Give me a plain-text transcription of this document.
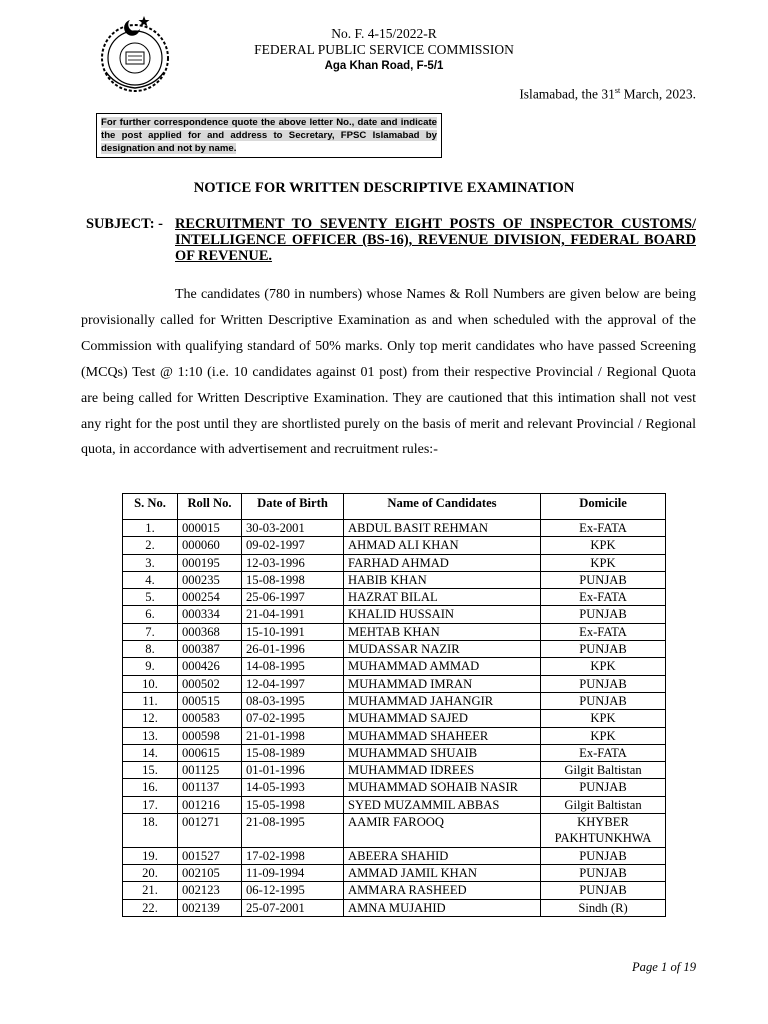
No. F. 4-15/2022-R
FEDERAL PUBLIC SERVICE COMMISSION
Aga Khan Road, F-5/1
Islamabad, the 31st March, 2023.
For further correspondence quote the above letter No., date and indicate the post applied for and address to Secretary, FPSC Islamabad by designation and not by name.
NOTICE FOR WRITTEN DESCRIPTIVE EXAMINATION
SUBJECT: - RECRUITMENT TO SEVENTY EIGHT POSTS OF INSPECTOR CUSTOMS/ INTELLIGENCE OFFICER (BS-16), REVENUE DIVISION, FEDERAL BOARD OF REVENUE.
The candidates (780 in numbers) whose Names & Roll Numbers are given below are being provisionally called for Written Descriptive Examination as and when scheduled with the approval of the Commission with qualifying standard of 50% marks. Only top merit candidates who have passed Screening (MCQs) Test @ 1:10 (i.e. 10 candidates against 01 post) from their respective Provincial / Regional Quota are being called for Written Descriptive Examination. They are cautioned that this intimation shall not vest any right for the post until they are shortlisted purely on the basis of merit and relevant Provincial / Regional quota, in accordance with advertisement and recruitment rules:-
S. No.	Roll No.	Date of Birth	Name of Candidates	Domicile
1.	000015	30-03-2001	ABDUL BASIT REHMAN	Ex-FATA
2.	000060	09-02-1997	AHMAD ALI KHAN	KPK
3.	000195	12-03-1996	FARHAD AHMAD	KPK
4.	000235	15-08-1998	HABIB KHAN	PUNJAB
5.	000254	25-06-1997	HAZRAT BILAL	Ex-FATA
6.	000334	21-04-1991	KHALID HUSSAIN	PUNJAB
7.	000368	15-10-1991	MEHTAB KHAN	Ex-FATA
8.	000387	26-01-1996	MUDASSAR NAZIR	PUNJAB
9.	000426	14-08-1995	MUHAMMAD AMMAD	KPK
10.	000502	12-04-1997	MUHAMMAD IMRAN	PUNJAB
11.	000515	08-03-1995	MUHAMMAD JAHANGIR	PUNJAB
12.	000583	07-02-1995	MUHAMMAD SAJED	KPK
13.	000598	21-01-1998	MUHAMMAD SHAHEER	KPK
14.	000615	15-08-1989	MUHAMMAD SHUAIB	Ex-FATA
15.	001125	01-01-1996	MUHAMMAD IDREES	Gilgit Baltistan
16.	001137	14-05-1993	MUHAMMAD SOHAIB NASIR	PUNJAB
17.	001216	15-05-1998	SYED MUZAMMIL ABBAS	Gilgit Baltistan
18.	001271	21-08-1995	AAMIR FAROOQ	KHYBER PAKHTUNKHWA
19.	001527	17-02-1998	ABEERA SHAHID	PUNJAB
20.	002105	11-09-1994	AMMAD JAMIL KHAN	PUNJAB
21.	002123	06-12-1995	AMMARA RASHEED	PUNJAB
22.	002139	25-07-2001	AMNA MUJAHID	Sindh (R)
Page 1 of 19
